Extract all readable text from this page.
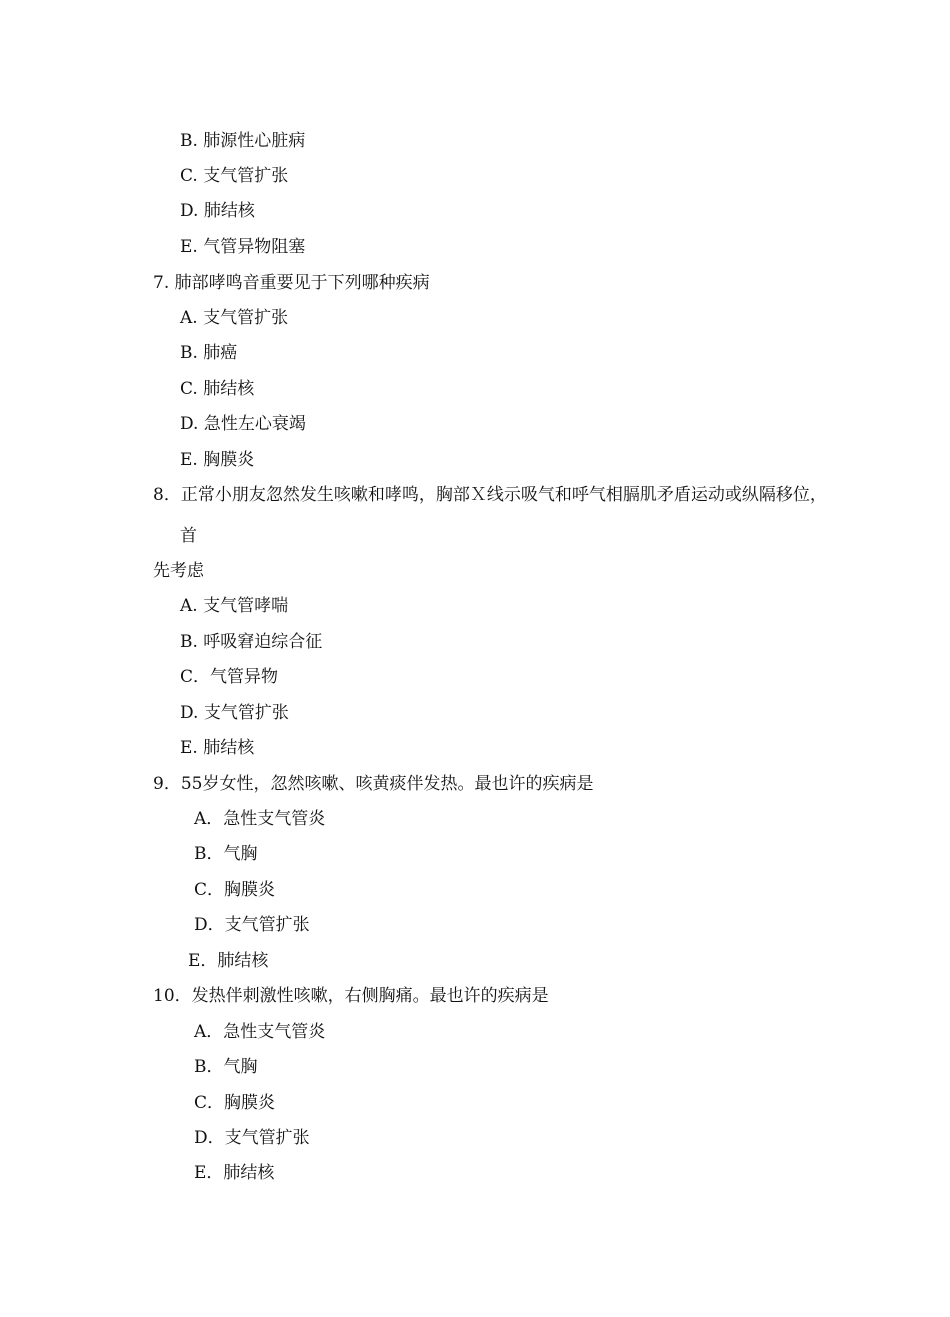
B. 肺源性心脏病
C. 支气管扩张
D. 肺结核
E. 气管异物阻塞
7. 肺部哮鸣音重要见于下列哪种疾病
A. 支气管扩张
B. 肺癌
C. 肺结核
D. 急性左心衰竭
E. 胸膜炎
8．正常小朋友忽然发生咳嗽和哮鸣，胸部Ｘ线示吸气和呼气相膈肌矛盾运动或纵隔移位，
首
先考虑
A. 支气管哮喘
B. 呼吸窘迫综合征
C．气管异物
D. 支气管扩张
E. 肺结核
9．55岁女性，忽然咳嗽、咳黄痰伴发热。最也许的疾病是
A．急性支气管炎
B．气胸
C．胸膜炎
D．支气管扩张
E．肺结核
10．发热伴刺激性咳嗽，右侧胸痛。最也许的疾病是
A．急性支气管炎
B．气胸
C．胸膜炎
D．支气管扩张
E．肺结核
